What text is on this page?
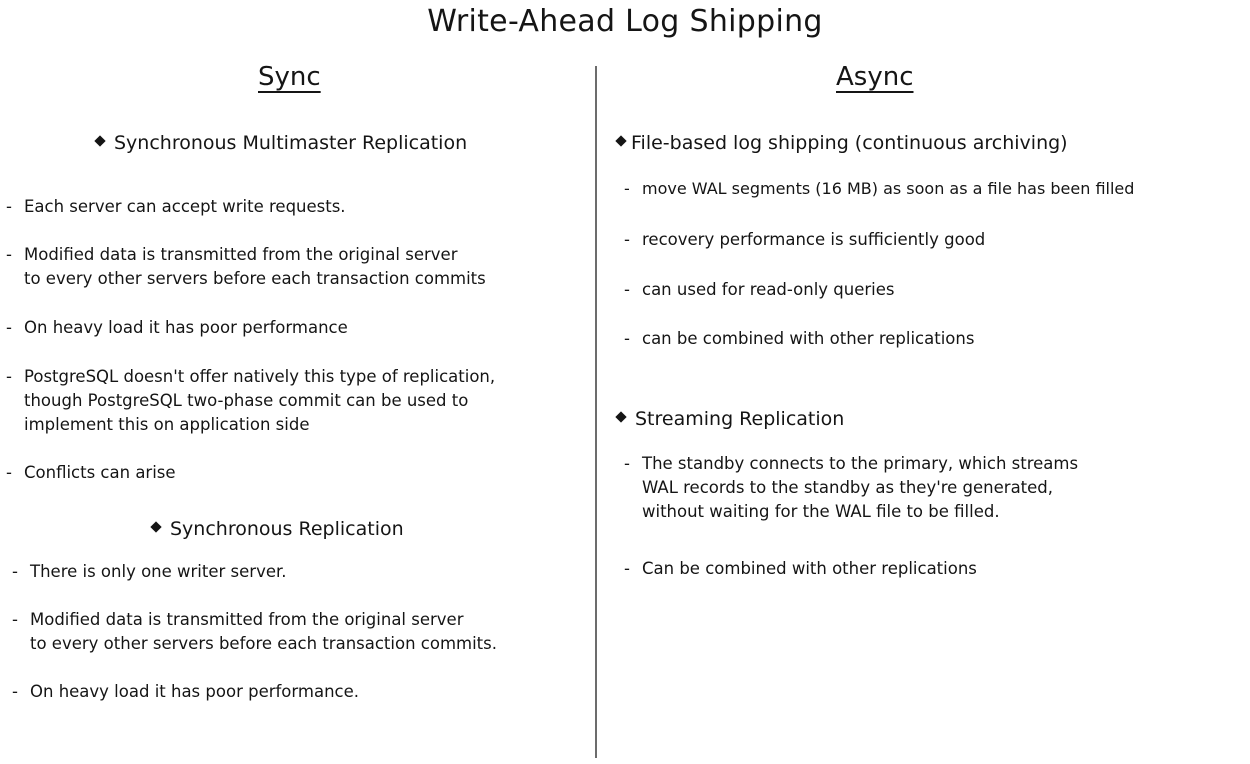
Write-Ahead Log Shipping
Sync	Async
Synchronous Multimaster Replication
- Each server can accept write requests.
- Modified data is transmitted from the original server
to every other servers before each transaction commits
- On heavy load it has poor performance
- PostgreSQL doesn't offer natively this type of replication,
though PostgreSQL two-phase commit can be used to
implement this on application side
- Conflicts can arise
Synchronous Replication
- There is only one writer server.
- Modified data is transmitted from the original server
to every other servers before each transaction commits.
- On heavy load it has poor performance.
File-based log shipping (continuous archiving)
- move WAL segments (16 MB) as soon as a file has been filled
- recovery performance is sufficiently good
- can used for read-only queries
- can be combined with other replications
Streaming Replication
- The standby connects to the primary, which streams
WAL records to the standby as they're generated,
without waiting for the WAL file to be filled.
- Can be combined with other replications
